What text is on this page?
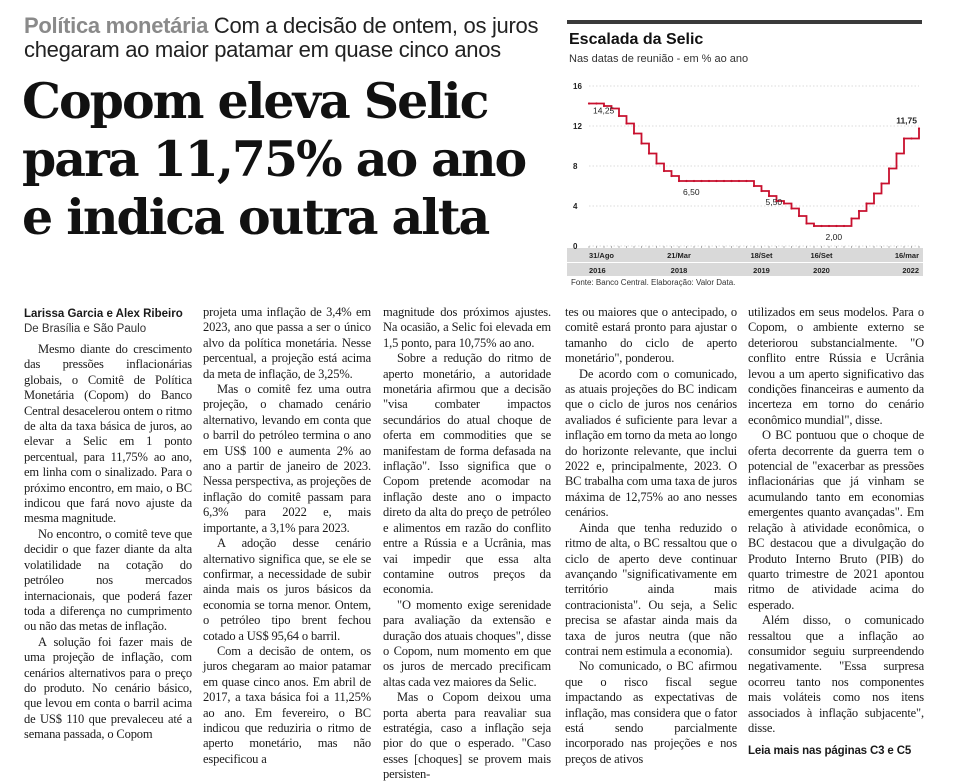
Política monetária Com a decisão de ontem, os juros chegaram ao maior patamar em quase cinco anos
Copom eleva Selic para 11,75% ao ano e indica outra alta
Larissa Garcia e Alex Ribeiro
De Brasília e São Paulo

Mesmo diante do crescimento das pressões inflacionárias globais, o Comitê de Política Monetária (Copom) do Banco Central desacelerou ontem o ritmo de alta da taxa básica de juros, ao elevar a Selic em 1 ponto percentual, para 11,75% ao ano, em linha com o sinalizado. Para o próximo encontro, em maio, o BC indicou que fará novo ajuste da mesma magnitude.

No encontro, o comitê teve que decidir o que fazer diante da alta volatilidade na cotação do petróleo nos mercados internacionais, que poderá fazer toda a diferença no cumprimento ou não das metas de inflação.

A solução foi fazer mais de uma projeção de inflação, com cenários alternativos para o preço do produto. No cenário básico, que levou em conta o barril acima de US$ 110 que prevaleceu até a semana passada, o Copom

projeta uma inflação de 3,4% em 2023, ano que passa a ser o único alvo da política monetária. Nesse percentual, a projeção está acima da meta de inflação, de 3,25%.

Mas o comitê fez uma outra projeção, o chamado cenário alternativo, levando em conta que o barril do petróleo termina o ano em US$ 100 e aumenta 2% ao ano a partir de janeiro de 2023. Nessa perspectiva, as projeções de inflação do comitê passam para 6,3% para 2022 e, mais importante, a 3,1% para 2023.

A adoção desse cenário alternativo significa que, se ele se confirmar, a necessidade de subir ainda mais os juros básicos da economia se torna menor. Ontem, o petróleo tipo brent fechou cotado a US$ 95,64 o barril.

Com a decisão de ontem, os juros chegaram ao maior patamar em quase cinco anos. Em abril de 2017, a taxa básica foi a 11,25% ao ano. Em fevereiro, o BC indicou que reduziria o ritmo de aperto monetário, mas não especificou a

magnitude dos próximos ajustes. Na ocasião, a Selic foi elevada em 1,5 ponto, para 10,75% ao ano.

Sobre a redução do ritmo de aperto monetário, a autoridade monetária afirmou que a decisão "visa combater impactos secundários do atual choque de oferta em commodities que se manifestam de forma defasada na inflação". Isso significa que o Copom pretende acomodar na inflação deste ano o impacto direto da alta do preço de petróleo e alimentos em razão do conflito entre a Rússia e a Ucrânia, mas vai impedir que essa alta contamine outros preços da economia.

"O momento exige serenidade para avaliação da extensão e duração dos atuais choques", disse o Copom, num momento em que os juros de mercado precificam altas cada vez maiores da Selic.

Mas o Copom deixou uma porta aberta para reavaliar sua estratégia, caso a inflação seja pior do que o esperado. "Caso esses [choques] se provem mais persisten-

tes ou maiores que o antecipado, o comitê estará pronto para ajustar o tamanho do ciclo de aperto monetário", ponderou.

De acordo com o comunicado, as atuais projeções do BC indicam que o ciclo de juros nos cenários avaliados é suficiente para levar a inflação em torno da meta ao longo do horizonte relevante, que inclui 2022 e, principalmente, 2023. O BC trabalha com uma taxa de juros máxima de 12,75% ao ano nesses cenários.

Ainda que tenha reduzido o ritmo de alta, o BC ressaltou que o ciclo de aperto deve continuar avançando "significativamente em território ainda mais contracionista". Ou seja, a Selic precisa se afastar ainda mais da taxa de juros neutra (que não contrai nem estimula a economia).

No comunicado, o BC afirmou que o risco fiscal segue impactando as expectativas de inflação, mas considera que o fator está sendo parcialmente incorporado nas projeções e nos preços de ativos

utilizados em seus modelos. Para o Copom, o ambiente externo se deteriorou substancialmente. "O conflito entre Rússia e Ucrânia levou a um aperto significativo das condições financeiras e aumento da incerteza em torno do cenário econômico mundial", disse.

O BC pontuou que o choque de oferta decorrente da guerra tem o potencial de "exacerbar as pressões inflacionárias que já vinham se acumulando tanto em economias emergentes quanto avançadas". Em relação à atividade econômica, o BC destacou que a divulgação do Produto Interno Bruto (PIB) do quarto trimestre de 2021 apontou ritmo de atividade acima do esperado.

Além disso, o comunicado ressaltou que a inflação ao consumidor seguiu surpreendendo negativamente. "Essa surpresa ocorreu tanto nos componentes mais voláteis como nos itens associados à inflação subjacente", disse.

Leia mais nas páginas C3 e C5

Escalada da Selic
Nas datas de reunião - em % ao ano
0
4
8
12
16
31/Ago
2016
21/Mar
2018
18/Set
2019
16/Set
2020
16/mar
2022
14,25
6,50
5,50
2,00
11,75
Fonte: Banco Central. Elaboração: Valor Data.
